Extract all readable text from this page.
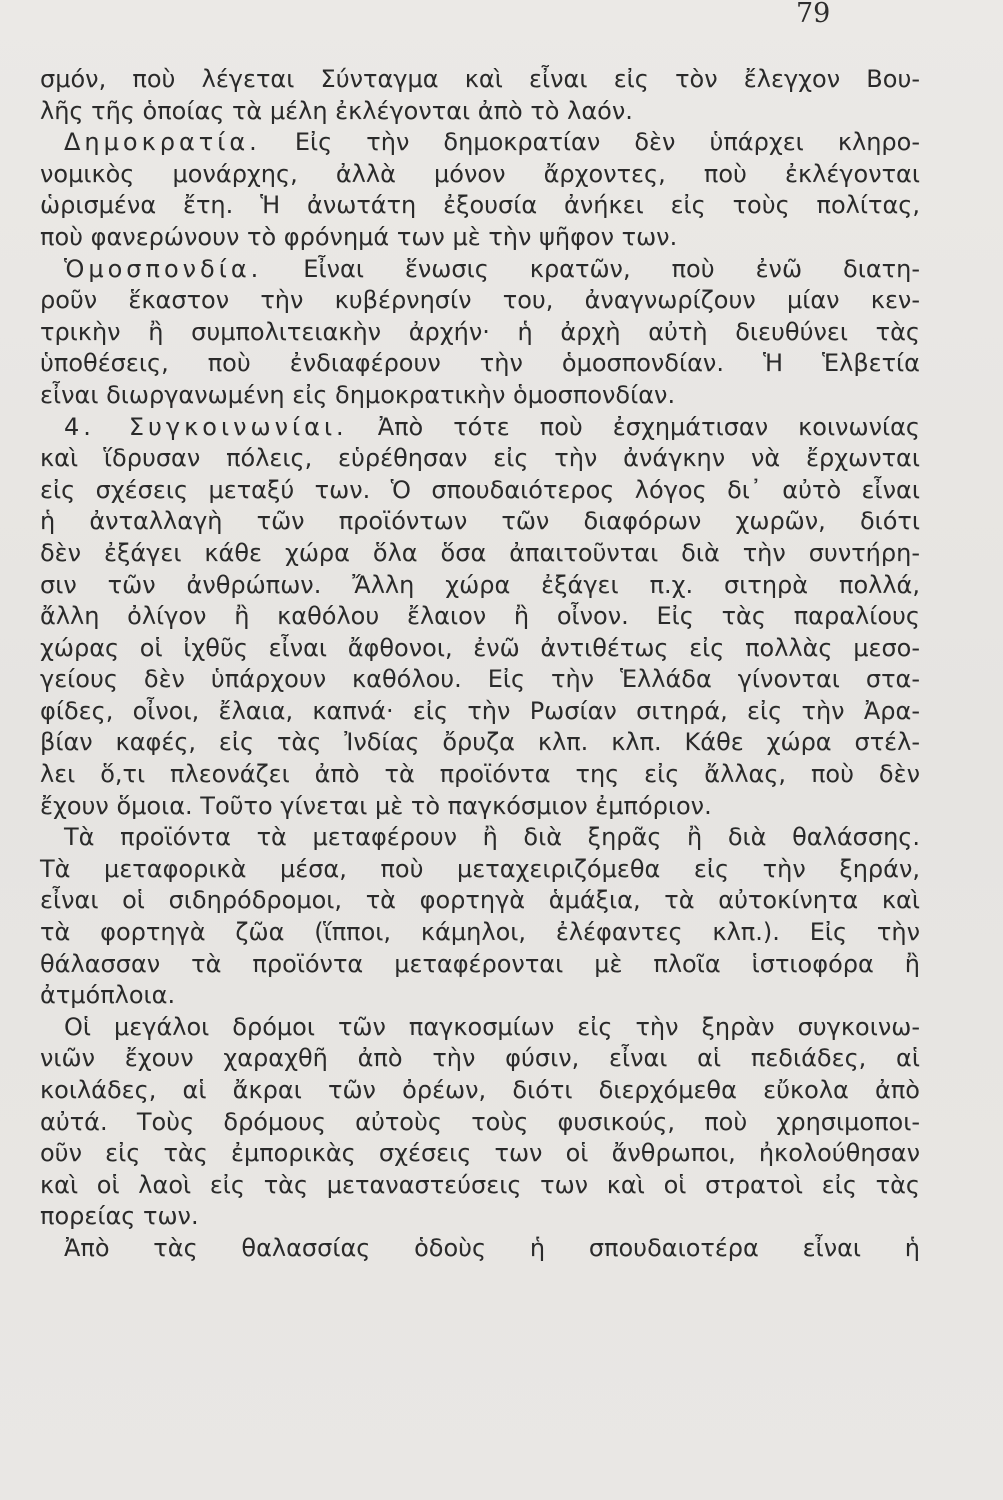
79
σμόν, ποὺ λέγεται Σύνταγμα καὶ εἶναι εἰς τὸν ἔλεγχον Βου-
λῆς τῆς ὁποίας τὰ μέλη ἐκλέγονται ἀπὸ τὸ λαόν.
Δημοκρατία. Εἰς τὴν δημοκρατίαν δὲν ὑπάρχει κληρο-
νομικὸς μονάρχης, ἀλλὰ μόνον ἄρχοντες, ποὺ ἐκλέγονται
ὡρισμένα ἔτη. Ἡ ἀνωτάτη ἐξουσία ἀνήκει εἰς τοὺς πολίτας,
ποὺ φανερώνουν τὸ φρόνημά των μὲ τὴν ψῆφον των.
Ὁμοσπονδία. Εἶναι ἕνωσις κρατῶν, ποὺ ἐνῶ διατη-
ροῦν ἕκαστον τὴν κυβέρνησίν του, ἀναγνωρίζουν μίαν κεν-
τρικὴν ἢ συμπολιτειακὴν ἀρχήν· ἡ ἀρχὴ αὐτὴ διευθύνει τὰς
ὑποθέσεις, ποὺ ἐνδιαφέρουν τὴν ὁμοσπονδίαν. Ἡ Ἑλβετία
εἶναι διωργανωμένη εἰς δημοκρατικὴν ὁμοσπονδίαν.
4. Συγκοινωνίαι. Ἀπὸ τότε ποὺ ἐσχημάτισαν κοινωνίας
καὶ ἵδρυσαν πόλεις, εὑρέθησαν εἰς τὴν ἀνάγκην νὰ ἔρχωνται
εἰς σχέσεις μεταξύ των. Ὁ σπουδαιότερος λόγος δι᾽ αὐτὸ εἶναι
ἡ ἀνταλλαγὴ τῶν προϊόντων τῶν διαφόρων χωρῶν, διότι
δὲν ἐξάγει κάθε χώρα ὅλα ὅσα ἀπαιτοῦνται διὰ τὴν συντήρη-
σιν τῶν ἀνθρώπων. Ἄλλη χώρα ἐξάγει π.χ. σιτηρὰ πολλά,
ἄλλη ὀλίγον ἢ καθόλου ἔλαιον ἢ οἶνον. Εἰς τὰς παραλίους
χώρας οἱ ἰχθῦς εἶναι ἄφθονοι, ἐνῶ ἀντιθέτως εἰς πολλὰς μεσο-
γείους δὲν ὑπάρχουν καθόλου. Εἰς τὴν Ἑλλάδα γίνονται στα-
φίδες, οἶνοι, ἔλαια, καπνά· εἰς τὴν Ρωσίαν σιτηρά, εἰς τὴν Ἀρα-
βίαν καφές, εἰς τὰς Ἰνδίας ὄρυζα κλπ. κλπ. Κάθε χώρα στέλ-
λει ὅ,τι πλεονάζει ἀπὸ τὰ προϊόντα της εἰς ἄλλας, ποὺ δὲν
ἔχουν ὅμοια. Τοῦτο γίνεται μὲ τὸ παγκόσμιον ἐμπόριον.
Τὰ προϊόντα τὰ μεταφέρουν ἢ διὰ ξηρᾶς ἢ διὰ θαλάσσης.
Τὰ μεταφορικὰ μέσα, ποὺ μεταχειριζόμεθα εἰς τὴν ξηράν,
εἶναι οἱ σιδηρόδρομοι, τὰ φορτηγὰ ἁμάξια, τὰ αὐτοκίνητα καὶ
τὰ φορτηγὰ ζῶα (ἵπποι, κάμηλοι, ἐλέφαντες κλπ.). Εἰς τὴν
θάλασσαν τὰ προϊόντα μεταφέρονται μὲ πλοῖα ἱστιοφόρα ἢ
ἀτμόπλοια.
Οἱ μεγάλοι δρόμοι τῶν παγκοσμίων εἰς τὴν ξηρὰν συγκοινω-
νιῶν ἔχουν χαραχθῆ ἀπὸ τὴν φύσιν, εἶναι αἱ πεδιάδες, αἱ
κοιλάδες, αἱ ἄκραι τῶν ὀρέων, διότι διερχόμεθα εὔκολα ἀπὸ
αὐτά. Τοὺς δρόμους αὐτοὺς τοὺς φυσικούς, ποὺ χρησιμοποι-
οῦν εἰς τὰς ἐμπορικὰς σχέσεις των οἱ ἄνθρωποι, ἠκολούθησαν
καὶ οἱ λαοὶ εἰς τὰς μεταναστεύσεις των καὶ οἱ στρατοὶ εἰς τὰς
πορείας των.
Ἀπὸ τὰς θαλασσίας ὁδοὺς ἡ σπουδαιοτέρα εἶναι ἡ
